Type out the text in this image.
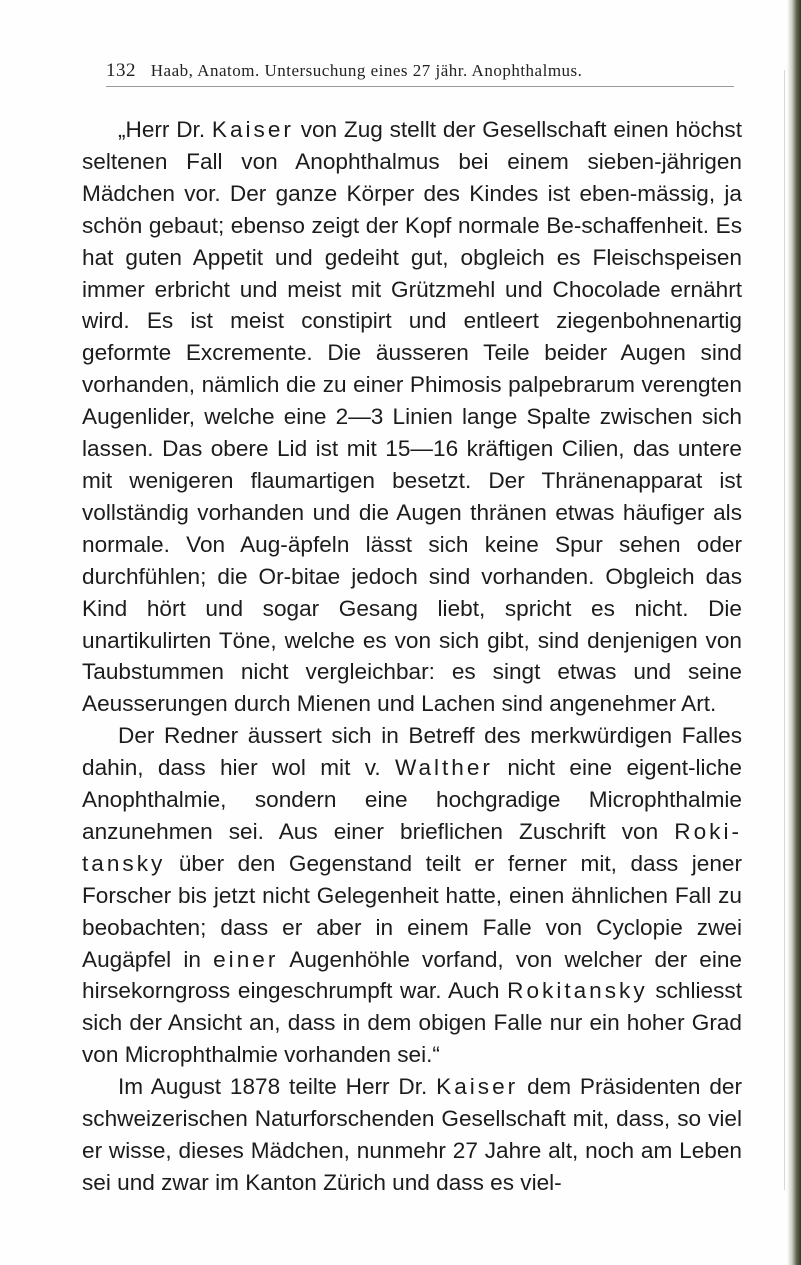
132 Haab, Anatom. Untersuchung eines 27 jähr. Anophthalmus.

„Herr Dr. Kaiser von Zug stellt der Gesellschaft einen höchst seltenen Fall von Anophthalmus bei einem sieben-jährigen Mädchen vor. Der ganze Körper des Kindes ist eben-mässig, ja schön gebaut; ebenso zeigt der Kopf normale Be-schaffenheit. Es hat guten Appetit und gedeiht gut, obgleich es Fleischspeisen immer erbricht und meist mit Grützmehl und Chocolade ernährt wird. Es ist meist constipirt und entleert ziegenbohnenartig geformte Excremente. Die äusseren Teile beider Augen sind vorhanden, nämlich die zu einer Phimosis palpebrarum verengten Augenlider, welche eine 2—3 Linien lange Spalte zwischen sich lassen. Das obere Lid ist mit 15—16 kräftigen Cilien, das untere mit wenigeren flaumartigen besetzt. Der Thränenapparat ist vollständig vorhanden und die Augen thränen etwas häufiger als normale. Von Aug-äpfeln lässt sich keine Spur sehen oder durchfühlen; die Or-bitae jedoch sind vorhanden. Obgleich das Kind hört und sogar Gesang liebt, spricht es nicht. Die unartikulirten Töne, welche es von sich gibt, sind denjenigen von Taubstummen nicht vergleichbar: es singt etwas und seine Aeusserungen durch Mienen und Lachen sind angenehmer Art.

Der Redner äussert sich in Betreff des merkwürdigen Falles dahin, dass hier wol mit v. Walther nicht eine eigent-liche Anophthalmie, sondern eine hochgradige Microphthalmie anzunehmen sei. Aus einer brieflichen Zuschrift von Roki-tansky über den Gegenstand teilt er ferner mit, dass jener Forscher bis jetzt nicht Gelegenheit hatte, einen ähnlichen Fall zu beobachten; dass er aber in einem Falle von Cyclopie zwei Augäpfel in einer Augenhöhle vorfand, von welcher der eine hirsekorngross eingeschrumpft war. Auch Rokitansky schliesst sich der Ansicht an, dass in dem obigen Falle nur ein hoher Grad von Microphthalmie vorhanden sei.“

Im August 1878 teilte Herr Dr. Kaiser dem Präsidenten der schweizerischen Naturforschenden Gesellschaft mit, dass, so viel er wisse, dieses Mädchen, nunmehr 27 Jahre alt, noch am Leben sei und zwar im Kanton Zürich und dass es viel-
